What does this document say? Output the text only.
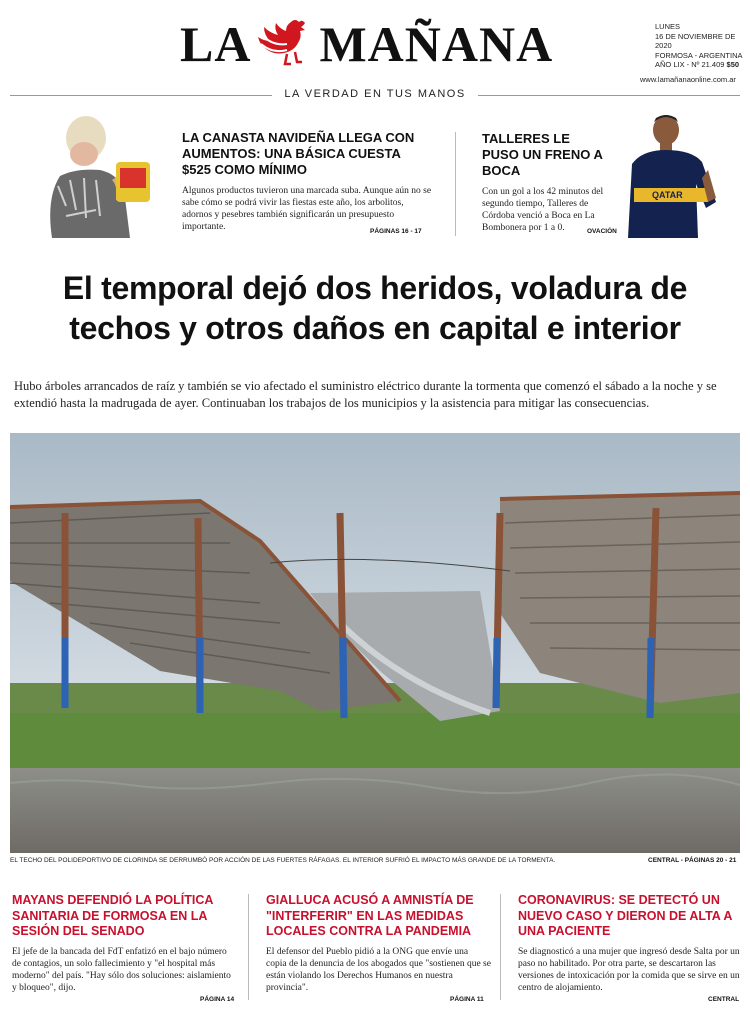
LA MAÑANA	LUNES
16 DE NOVIEMBRE DE 2020
FORMOSA - ARGENTINA
AÑO LIX - Nº 21.409 $50
www.lamañanaonline.com.ar
LA VERDAD EN TUS MANOS
LA CANASTA NAVIDEÑA LLEGA CON AUMENTOS: UNA BÁSICA CUESTA $525 COMO MÍNIMO
Algunos productos tuvieron una marcada suba. Aunque aún no se sabe cómo se podrá vivir las fiestas este año, los arbolitos, adornos y pesebres también significarán un presupuesto importante.	PÁGINAS 16 - 17
TALLERES LE PUSO UN FRENO A BOCA
Con un gol a los 42 minutos del segundo tiempo, Talleres de Córdoba venció a Boca en La Bombonera por 1 a 0.	OVACIÓN
QATAR
El temporal dejó dos heridos, voladura de techos y otros daños en capital e interior
Hubo árboles arrancados de raíz y también se vio afectado el suministro eléctrico durante la tormenta que comenzó el sábado a la noche y se extendió hasta la madrugada de ayer. Continuaban los trabajos de los municipios y la asistencia para mitigar las consecuencias.
EL TECHO DEL POLIDEPORTIVO DE CLORINDA SE DERRUMBÓ POR ACCIÓN DE LAS FUERTES RÁFAGAS. EL INTERIOR SUFRIÓ EL IMPACTO MÁS GRANDE DE LA TORMENTA.	CENTRAL - PÁGINAS 20 - 21
MAYANS DEFENDIÓ LA POLÍTICA SANITARIA DE FORMOSA EN LA SESIÓN DEL SENADO
El jefe de la bancada del FdT enfatizó en el bajo número de contagios, un solo fallecimiento y "el hospital más moderno" del país. "Hay sólo dos soluciones: aislamiento y bloqueo", dijo.
PÁGINA 14
GIALLUCA ACUSÓ A AMNISTÍA DE "INTERFERIR" EN LAS MEDIDAS LOCALES CONTRA LA PANDEMIA
El defensor del Pueblo pidió a la ONG que envíe una copia de la denuncia de los abogados que "sostienen que se están violando los Derechos Humanos en nuestra provincia".
PÁGINA 11
CORONAVIRUS: SE DETECTÓ UN NUEVO CASO Y DIERON DE ALTA A UNA PACIENTE
Se diagnosticó a una mujer que ingresó desde Salta por un paso no habilitado. Por otra parte, se descartaron las versiones de intoxicación por la comida que se sirve en un centro de alojamiento.
CENTRAL
